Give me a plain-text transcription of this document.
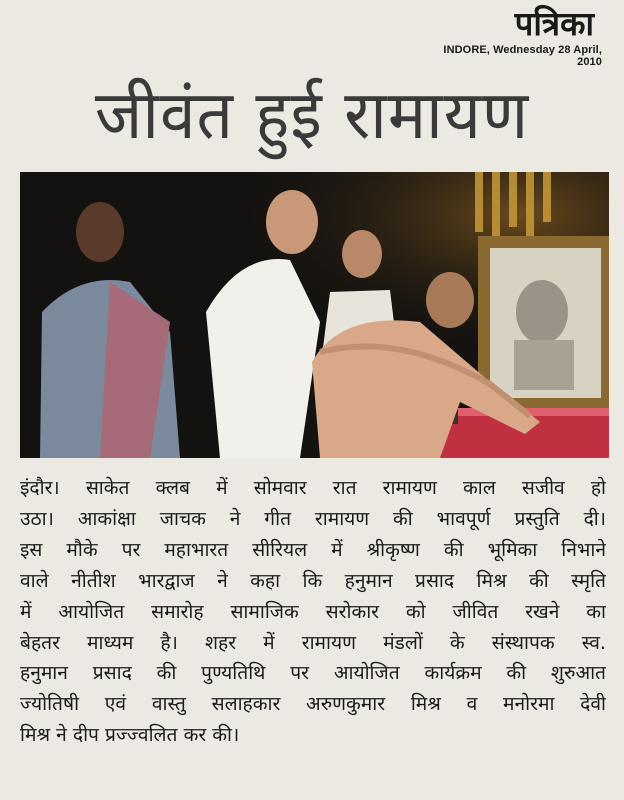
पत्रिका
INDORE, Wednesday 28 April, 2010
जीवंत हुई रामायण
इंदौर। साकेत क्लब में सोमवार रात रामायण काल सजीव हो
उठा। आकांक्षा जाचक ने गीत रामायण की भावपूर्ण प्रस्तुति दी।
इस मौके पर महाभारत सीरियल में श्रीकृष्ण की भूमिका निभाने
वाले नीतीश भारद्वाज ने कहा कि हनुमान प्रसाद मिश्र की स्मृति
में आयोजित समारोह सामाजिक सरोकार को जीवित रखने का
बेहतर माध्यम है। शहर में रामायण मंडलों के संस्थापक स्व.
हनुमान प्रसाद की पुण्यतिथि पर आयोजित कार्यक्रम की शुरुआत
ज्योतिषी एवं वास्तु सलाहकार अरुणकुमार मिश्र व मनोरमा देवी
मिश्र ने दीप प्रज्ज्वलित कर की।
